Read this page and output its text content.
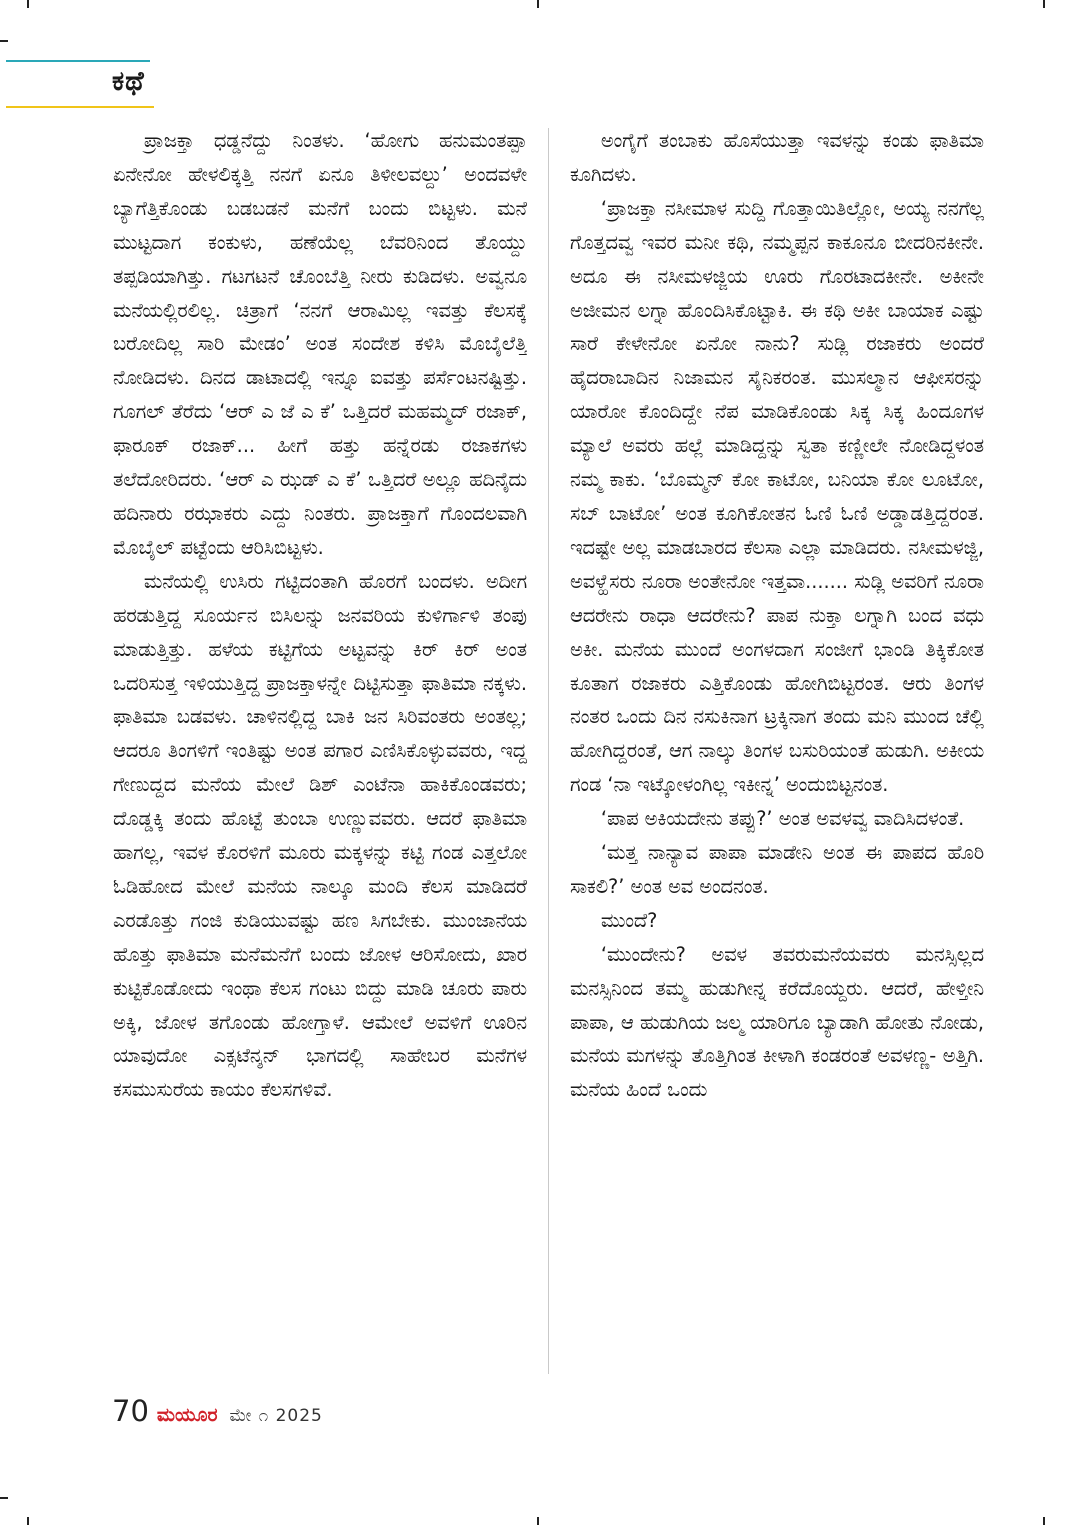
ಕಥೆ

ಪ್ರಾಜಕ್ತಾ ಧಡ್ಡನೆದ್ದು ನಿಂತಳು. ‘ಹೋಗು ಹನುಮಂತಪ್ಪಾ ಏನೇನೋ ಹೇಳಲಿಕ್ಕತ್ತಿ ನನಗೆ ಏನೂ ತಿಳೀಲವಲ್ದು’ ಅಂದವಳೇ ಬ್ಯಾಗೆತ್ತಿಕೊಂಡು ಬಡಬಡನೆ ಮನೆಗೆ ಬಂದು ಬಿಟ್ಟಳು. ಮನೆ ಮುಟ್ಟದಾಗ ಕಂಕುಳು, ಹಣೆಯೆಲ್ಲ ಬೆವರಿನಿಂದ ತೊಯ್ದು ತಪ್ಪಡಿಯಾಗಿತ್ತು. ಗಟಗಟನೆ ಚೊಂಬೆತ್ತಿ ನೀರು ಕುಡಿದಳು. ಅವ್ವನೂ ಮನೆಯಲ್ಲಿರಲಿಲ್ಲ. ಚಿತ್ರಾಗೆ ‘ನನಗೆ ಆರಾಮಿಲ್ಲ ಇವತ್ತು ಕೆಲಸಕ್ಕೆ ಬರೋದಿಲ್ಲ ಸಾರಿ ಮೇಡಂ’ ಅಂತ ಸಂದೇಶ ಕಳಿಸಿ ಮೊಬೈಲೆತ್ತಿ ನೋಡಿದಳು. ದಿನದ ಡಾಟಾದಲ್ಲಿ ಇನ್ನೂ ಐವತ್ತು ಪರ್ಸೆಂಟನಷ್ಟಿತ್ತು. ಗೂಗಲ್ ತೆರೆದು ‘ಆರ್ ಎ ಜೆ ಎ ಕೆ’ ಒತ್ತಿದರೆ ಮಹಮ್ಮದ್ ರಜಾಕ್, ಫಾರೂಕ್ ರಜಾಕ್... ಹೀಗೆ ಹತ್ತು ಹನ್ನೆರಡು ರಜಾಕಗಳು ತಲೆದೋರಿದರು. ‘ಆರ್ ಎ ಝಡ್ ಎ ಕೆ’ ಒತ್ತಿದರೆ ಅಲ್ಲೂ ಹದಿನೈದು ಹದಿನಾರು ರಝಾಕರು ಎದ್ದು ನಿಂತರು. ಪ್ರಾಜಕ್ತಾಗೆ ಗೊಂದಲವಾಗಿ ಮೊಬೈಲ್ ಪಟ್ಟೆಂದು ಆರಿಸಿಬಿಟ್ಟಳು.

ಮನೆಯಲ್ಲಿ ಉಸಿರು ಗಟ್ಟಿದಂತಾಗಿ ಹೊರಗೆ ಬಂದಳು. ಅದೀಗ ಹರಡುತ್ತಿದ್ದ ಸೂರ್ಯನ ಬಿಸಿಲನ್ನು ಜನವರಿಯ ಕುಳಿರ್ಗಾಳಿ ತಂಪು ಮಾಡುತ್ತಿತ್ತು. ಹಳೆಯ ಕಟ್ಟಿಗೆಯ ಅಟ್ಟವನ್ನು ಕಿರ್ ಕಿರ್ ಅಂತ ಒದರಿಸುತ್ತ ಇಳಿಯುತ್ತಿದ್ದ ಪ್ರಾಜಕ್ತಾಳನ್ನೇ ದಿಟ್ಟಿಸುತ್ತಾ ಫಾತಿಮಾ ನಕ್ಕಳು. ಫಾತಿಮಾ ಬಡವಳು. ಚಾಳಿನಲ್ಲಿದ್ದ ಬಾಕಿ ಜನ ಸಿರಿವಂತರು ಅಂತಲ್ಲ; ಆದರೂ ತಿಂಗಳಿಗೆ ಇಂತಿಷ್ಟು ಅಂತ ಪಗಾರ ಎಣಿಸಿಕೊಳ್ಳುವವರು, ಇದ್ದ ಗೇಣುದ್ದದ ಮನೆಯ ಮೇಲೆ ಡಿಶ್ ಎಂಟೆನಾ ಹಾಕಿಕೊಂಡವರು; ದೊಡ್ಡಕ್ಕಿ ತಂದು ಹೊಟ್ಟೆ ತುಂಬಾ ಉಣ್ಣುವವರು. ಆದರೆ ಫಾತಿಮಾ ಹಾಗಲ್ಲ, ಇವಳ ಕೊರಳಿಗೆ ಮೂರು ಮಕ್ಕಳನ್ನು ಕಟ್ಟಿ ಗಂಡ ಎತ್ತಲೋ ಓಡಿಹೋದ ಮೇಲೆ ಮನೆಯ ನಾಲ್ಕೂ ಮಂದಿ ಕೆಲಸ ಮಾಡಿದರೆ ಎರಡೊತ್ತು ಗಂಜಿ ಕುಡಿಯುವಷ್ಟು ಹಣ ಸಿಗಬೇಕು. ಮುಂಜಾನೆಯ ಹೊತ್ತು ಫಾತಿಮಾ ಮನೆಮನೆಗೆ ಬಂದು ಜೋಳ ಆರಿಸೋದು, ಖಾರ ಕುಟ್ಟಿಕೊಡೋದು ಇಂಥಾ ಕೆಲಸ ಗಂಟು ಬಿದ್ದು ಮಾಡಿ ಚೂರು ಪಾರು ಅಕ್ಕಿ, ಜೋಳ ತಗೊಂಡು ಹೋಗ್ತಾಳೆ. ಆಮೇಲೆ ಅವಳಿಗೆ ಊರಿನ ಯಾವುದೋ ಎಕ್ಸಟೆನ್ಶನ್ ಭಾಗದಲ್ಲಿ ಸಾಹೇಬರ ಮನೆಗಳ ಕಸಮುಸುರೆಯ ಕಾಯಂ ಕೆಲಸಗಳಿವೆ.

ಅಂಗೈಗೆ ತಂಬಾಕು ಹೊಸೆಯುತ್ತಾ ಇವಳನ್ನು ಕಂಡು ಫಾತಿಮಾ ಕೂಗಿದಳು.

‘ಪ್ರಾಜಕ್ತಾ ನಸೀಮಾಳ ಸುದ್ದಿ ಗೊತ್ತಾಯಿತಿಲ್ಲೋ, ಅಯ್ಯ ನನಗೆಲ್ಲ ಗೊತ್ತದವ್ವ ಇವರ ಮನೀ ಕಥಿ, ನಮ್ಮಪ್ಪನ ಕಾಕೂನೂ ಬೀದರಿನಕೀನೇ. ಅದೂ ಈ ನಸೀಮಳಜ್ಜಿಯ ಊರು ಗೊರಟಾದಕೀನೇ. ಅಕೀನೇ ಅಜೀಮನ ಲಗ್ನಾ ಹೊಂದಿಸಿಕೊಟ್ಟಾಕಿ. ಈ ಕಥಿ ಅಕೀ ಬಾಯಾಕ ಎಷ್ಟು ಸಾರೆ ಕೇಳೇನೋ ಏನೋ ನಾನು? ಸುಡ್ಲಿ ರಜಾಕರು ಅಂದರೆ ಹೈದರಾಬಾದಿನ ನಿಜಾಮನ ಸೈನಿಕರಂತ. ಮುಸಲ್ಮಾನ ಆಫೀಸರನ್ನು ಯಾರೋ ಕೊಂದಿದ್ದೇ ನೆಪ ಮಾಡಿಕೊಂಡು ಸಿಕ್ಕ ಸಿಕ್ಕ ಹಿಂದೂಗಳ ಮ್ಯಾಲೆ ಅವರು ಹಲ್ಲೆ ಮಾಡಿದ್ದನ್ನು ಸ್ವತಾ ಕಣ್ಣೀಲೇ ನೋಡಿದ್ದಳಂತ ನಮ್ಮ ಕಾಕು. ‘ಬೊಮ್ಮನ್ ಕೋ ಕಾಟೋ, ಬನಿಯಾ ಕೋ ಲೂಟೋ, ಸಬ್ ಬಾಟೋ’ ಅಂತ ಕೂಗಿಕೋತನ ಓಣಿ ಓಣಿ ಅಡ್ಡಾಡತ್ತಿದ್ದರಂತ. ಇದಷ್ಟೇ ಅಲ್ಲ ಮಾಡಬಾರದ ಕೆಲಸಾ ಎಲ್ಲಾ ಮಾಡಿದರು. ನಸೀಮಳಜ್ಜಿ, ಅವಳ್ಹೆಸರು ನೂರಾ ಅಂತೇನೋ ಇತ್ತವಾ....... ಸುಡ್ಲಿ ಅವರಿಗೆ ನೂರಾ ಆದರೇನು ರಾಧಾ ಆದರೇನು? ಪಾಪ ನುಕ್ತಾ ಲಗ್ನಾಗಿ ಬಂದ ವಧು ಅಕೀ. ಮನೆಯ ಮುಂದೆ ಅಂಗಳದಾಗ ಸಂಜೀಗೆ ಭಾಂಡಿ ತಿಕ್ಕಿಕೋತ ಕೂತಾಗ ರಜಾಕರು ಎತ್ತಿಕೊಂಡು ಹೋಗಿಬಿಟ್ಟರಂತ. ಆರು ತಿಂಗಳ ನಂತರ ಒಂದು ದಿನ ನಸುಕಿನಾಗ ಟ್ರಕ್ಕಿನಾಗ ತಂದು ಮನಿ ಮುಂದ ಚೆಲ್ಲಿ ಹೋಗಿದ್ದರಂತೆ, ಆಗ ನಾಲ್ಕು ತಿಂಗಳ ಬಸುರಿಯಂತೆ ಹುಡುಗಿ. ಅಕೀಯ ಗಂಡ ‘ನಾ ಇಟ್ಕೋಳಂಗಿಲ್ಲ ಇಕೀನ್ನ’ ಅಂದುಬಿಟ್ಟನಂತ.

‘ಪಾಪ ಅಕಿಯದೇನು ತಪ್ಪು?’ ಅಂತ ಅವಳವ್ವ ವಾದಿಸಿದಳಂತೆ.

‘ಮತ್ತ ನಾನ್ಯಾವ ಪಾಪಾ ಮಾಡೇನಿ ಅಂತ ಈ ಪಾಪದ ಹೊರಿ ಸಾಕಲಿ?’ ಅಂತ ಅವ ಅಂದನಂತ.

ಮುಂದೆ?

‘ಮುಂದೇನು? ಅವಳ ತವರುಮನೆಯವರು ಮನಸ್ಸಿಲ್ಲದ ಮನಸ್ಸಿನಿಂದ ತಮ್ಮ ಹುಡುಗೀನ್ನ ಕರೆದೊಯ್ದರು. ಆದರೆ, ಹೇಳ್ತೀನಿ ಪಾಪಾ, ಆ ಹುಡುಗಿಯ ಜಲ್ಮ ಯಾರಿಗೂ ಬ್ಯಾಡಾಗಿ ಹೋತು ನೋಡು, ಮನೆಯ ಮಗಳನ್ನು ತೊತ್ತಿಗಿಂತ ಕೀಳಾಗಿ ಕಂಡರಂತೆ ಅವಳಣ್ಣ- ಅತ್ತಿಗಿ. ಮನೆಯ ಹಿಂದೆ ಒಂದು

70 ಮಯೂರ ಮೇ ೧ 2025
